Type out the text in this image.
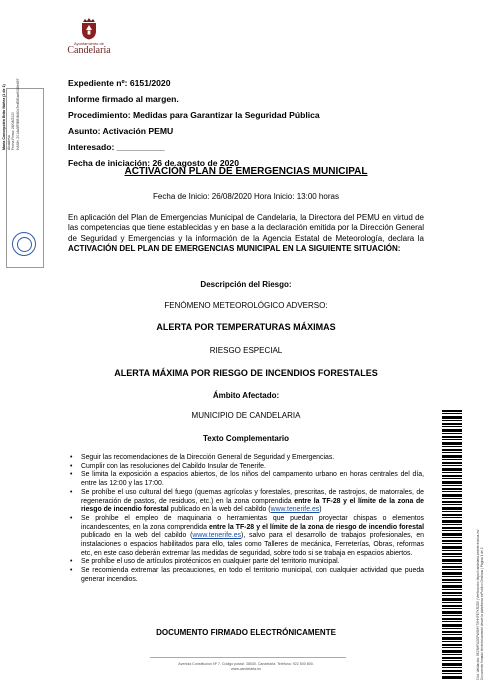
Ayuntamiento de
Candelaria
Maria Concepción Brito Núñez (1 de 1) Alcaldesa Fecha Firma: 26/08/2020 HASH: 2014a3f75f6f1fb80c7e4f3f0ae6088e497
Cód. Validación: 9EZNHFA2GPW9MYTXHHFE7KR2D5 | Verificación: https://candelaria.sedelectronica.es/ Documento firmado electrónicamente desde la plataforma esPublico Gestiona | Página 1 de 2
Expediente nº: 6151/2020
Informe firmado al margen.
Procedimiento: Medidas para Garantizar la Seguridad Pública
Asunto: Activación PEMU
Interesado: __________
Fecha de iniciación: 26 de agosto de 2020
ACTIVACIÓN PLAN DE EMERGENCIAS MUNICIPAL
Fecha de Inicio: 26/08/2020 Hora Inicio: 13:00 horas
En aplicación del Plan de Emergencias Municipal de Candelaria, la Directora del PEMU en virtud de las competencias que tiene establecidas y en base a la declaración emitida por la Dirección General de Seguridad y Emergencias y la información de la Agencia Estatal de Meteorología, declara la ACTIVACIÓN DEL PLAN DE EMERGENCIAS MUNICIPAL EN LA SIGUIENTE SITUACIÓN:
Descripción del Riesgo:
FENÓMENO METEOROLÓGICO ADVERSO:
ALERTA POR TEMPERATURAS MÁXIMAS
RIESGO ESPECIAL
ALERTA MÁXIMA POR RIESGO DE INCENDIOS FORESTALES
Ámbito Afectado:
MUNICIPIO DE CANDELARIA
Texto Complementario
• Seguir las recomendaciones de la Dirección General de Seguridad y Emergencias.
• Cumplir con las resoluciones del Cabildo Insular de Tenerife.
• Se limita la exposición a espacios abiertos, de los niños del campamento urbano en horas centrales del día, entre las 12:00 y las 17:00.
• Se prohíbe el uso cultural del fuego (quemas agrícolas y forestales, prescritas, de rastrojos, de matorrales, de regeneración de pastos, de residuos, etc.) en la zona comprendida entre la TF-28 y el límite de la zona de riesgo de incendio forestal publicado en la web del cabildo (www.tenerife.es)
• Se prohíbe el empleo de maquinaria o herramientas que puedan proyectar chispas o elementos incandescentes, en la zona comprendida entre la TF-28 y el límite de la zona de riesgo de incendio forestal publicado en la web del cabildo (www.tenerife.es), salvo para el desarrollo de trabajos profesionales, en instalaciones o espacios habilitados para ello, tales como Talleres de mecánica, Ferreterías, Obras, reformas etc, en este caso deberán extremar las medidas de seguridad, sobre todo si se trabaja en espacios abiertos.
• Se prohíbe el uso de artículos pirotécnicos en cualquier parte del territorio municipal.
• Se recomienda extremar las precauciones, en todo el territorio municipal, con cualquier actividad que pueda generar incendios.
DOCUMENTO FIRMADO ELECTRÓNICAMENTE
Avenida Constitución Nº 7. Código postal: 38530. Candelaria. Teléfono: 922 500 800.
www.candelaria.es
